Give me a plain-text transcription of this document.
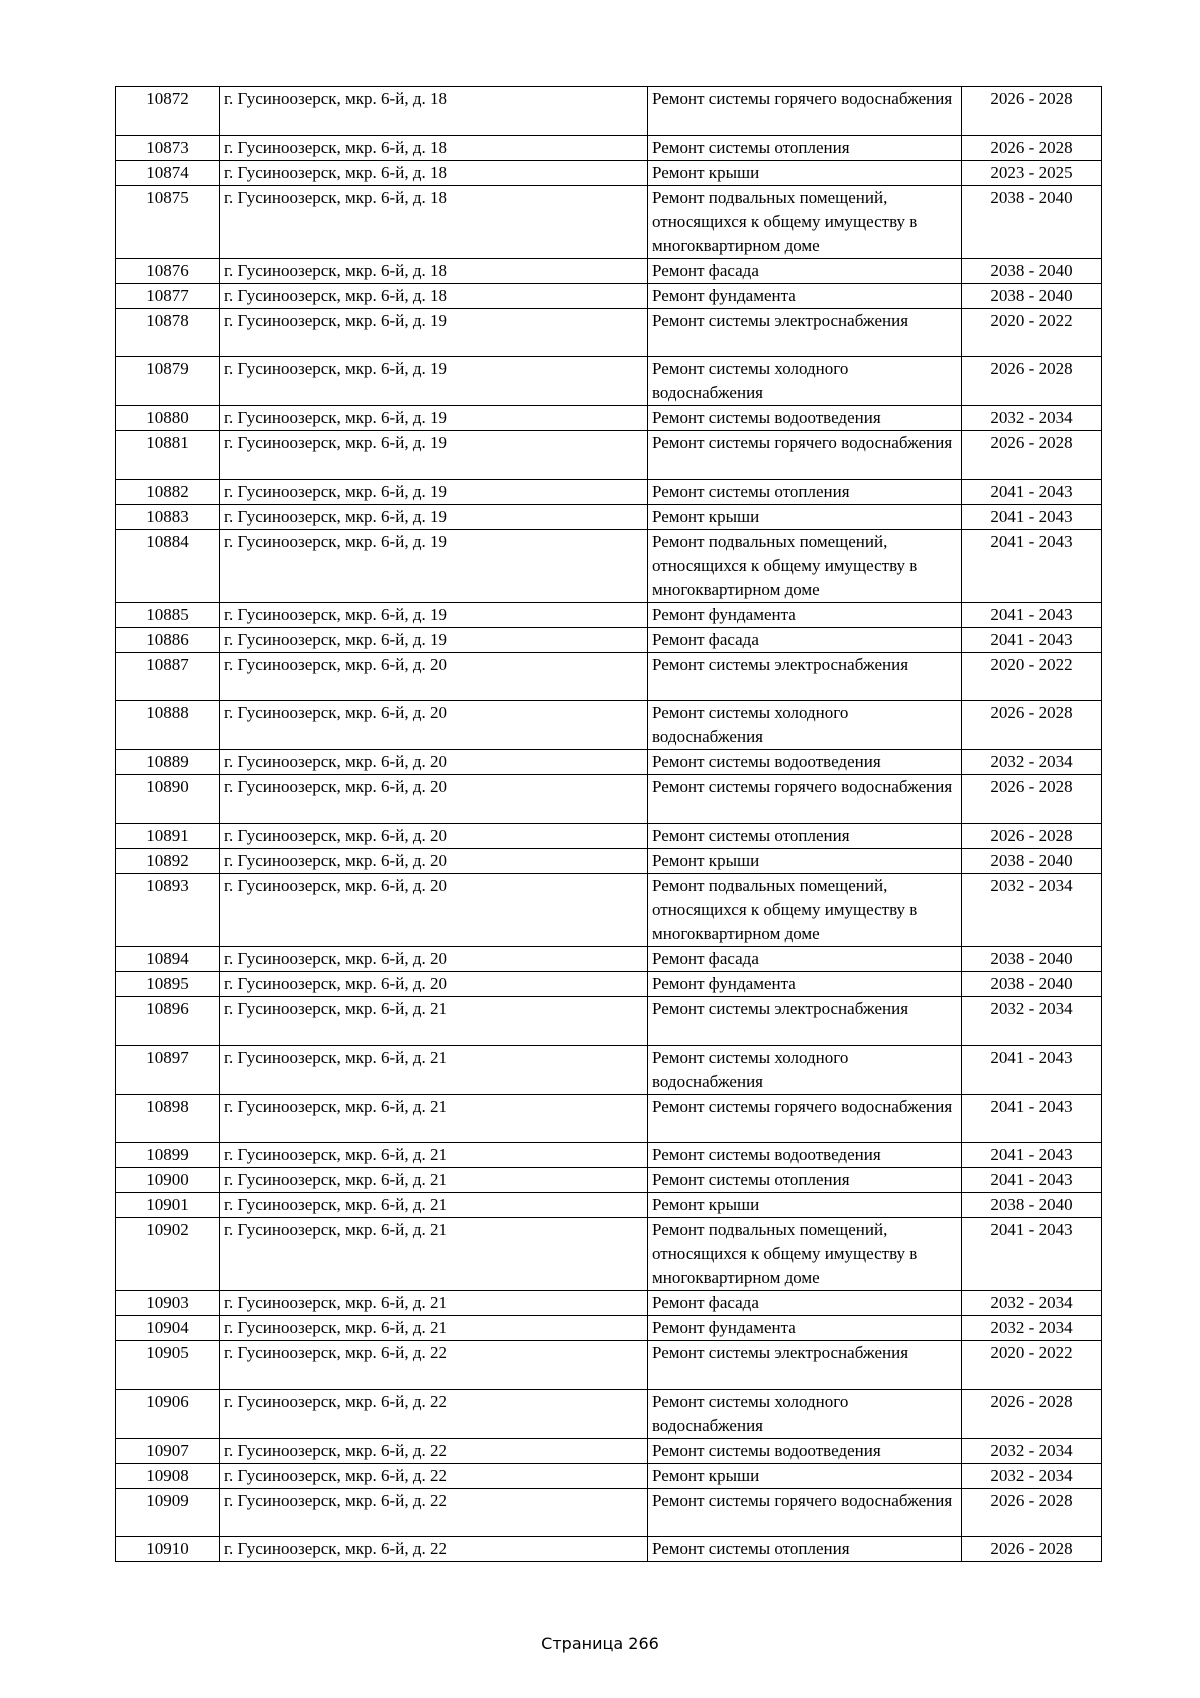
10872	г. Гусиноозерск, мкр. 6-й, д. 18	Ремонт системы горячего водоснабжения	2026 - 2028
10873	г. Гусиноозерск, мкр. 6-й, д. 18	Ремонт системы отопления	2026 - 2028
10874	г. Гусиноозерск, мкр. 6-й, д. 18	Ремонт крыши	2023 - 2025
10875	г. Гусиноозерск, мкр. 6-й, д. 18	Ремонт подвальных помещений, относящихся к общему имуществу в многоквартирном доме	2038 - 2040
10876	г. Гусиноозерск, мкр. 6-й, д. 18	Ремонт фасада	2038 - 2040
10877	г. Гусиноозерск, мкр. 6-й, д. 18	Ремонт фундамента	2038 - 2040
10878	г. Гусиноозерск, мкр. 6-й, д. 19	Ремонт системы электроснабжения	2020 - 2022
10879	г. Гусиноозерск, мкр. 6-й, д. 19	Ремонт системы холодного водоснабжения	2026 - 2028
10880	г. Гусиноозерск, мкр. 6-й, д. 19	Ремонт системы водоотведения	2032 - 2034
10881	г. Гусиноозерск, мкр. 6-й, д. 19	Ремонт системы горячего водоснабжения	2026 - 2028
10882	г. Гусиноозерск, мкр. 6-й, д. 19	Ремонт системы отопления	2041 - 2043
10883	г. Гусиноозерск, мкр. 6-й, д. 19	Ремонт крыши	2041 - 2043
10884	г. Гусиноозерск, мкр. 6-й, д. 19	Ремонт подвальных помещений, относящихся к общему имуществу в многоквартирном доме	2041 - 2043
10885	г. Гусиноозерск, мкр. 6-й, д. 19	Ремонт фундамента	2041 - 2043
10886	г. Гусиноозерск, мкр. 6-й, д. 19	Ремонт фасада	2041 - 2043
10887	г. Гусиноозерск, мкр. 6-й, д. 20	Ремонт системы электроснабжения	2020 - 2022
10888	г. Гусиноозерск, мкр. 6-й, д. 20	Ремонт системы холодного водоснабжения	2026 - 2028
10889	г. Гусиноозерск, мкр. 6-й, д. 20	Ремонт системы водоотведения	2032 - 2034
10890	г. Гусиноозерск, мкр. 6-й, д. 20	Ремонт системы горячего водоснабжения	2026 - 2028
10891	г. Гусиноозерск, мкр. 6-й, д. 20	Ремонт системы отопления	2026 - 2028
10892	г. Гусиноозерск, мкр. 6-й, д. 20	Ремонт крыши	2038 - 2040
10893	г. Гусиноозерск, мкр. 6-й, д. 20	Ремонт подвальных помещений, относящихся к общему имуществу в многоквартирном доме	2032 - 2034
10894	г. Гусиноозерск, мкр. 6-й, д. 20	Ремонт фасада	2038 - 2040
10895	г. Гусиноозерск, мкр. 6-й, д. 20	Ремонт фундамента	2038 - 2040
10896	г. Гусиноозерск, мкр. 6-й, д. 21	Ремонт системы электроснабжения	2032 - 2034
10897	г. Гусиноозерск, мкр. 6-й, д. 21	Ремонт системы холодного водоснабжения	2041 - 2043
10898	г. Гусиноозерск, мкр. 6-й, д. 21	Ремонт системы горячего водоснабжения	2041 - 2043
10899	г. Гусиноозерск, мкр. 6-й, д. 21	Ремонт системы водоотведения	2041 - 2043
10900	г. Гусиноозерск, мкр. 6-й, д. 21	Ремонт системы отопления	2041 - 2043
10901	г. Гусиноозерск, мкр. 6-й, д. 21	Ремонт крыши	2038 - 2040
10902	г. Гусиноозерск, мкр. 6-й, д. 21	Ремонт подвальных помещений, относящихся к общему имуществу в многоквартирном доме	2041 - 2043
10903	г. Гусиноозерск, мкр. 6-й, д. 21	Ремонт фасада	2032 - 2034
10904	г. Гусиноозерск, мкр. 6-й, д. 21	Ремонт фундамента	2032 - 2034
10905	г. Гусиноозерск, мкр. 6-й, д. 22	Ремонт системы электроснабжения	2020 - 2022
10906	г. Гусиноозерск, мкр. 6-й, д. 22	Ремонт системы холодного водоснабжения	2026 - 2028
10907	г. Гусиноозерск, мкр. 6-й, д. 22	Ремонт системы водоотведения	2032 - 2034
10908	г. Гусиноозерск, мкр. 6-й, д. 22	Ремонт крыши	2032 - 2034
10909	г. Гусиноозерск, мкр. 6-й, д. 22	Ремонт системы горячего водоснабжения	2026 - 2028
10910	г. Гусиноозерск, мкр. 6-й, д. 22	Ремонт системы отопления	2026 - 2028
Страница 266
